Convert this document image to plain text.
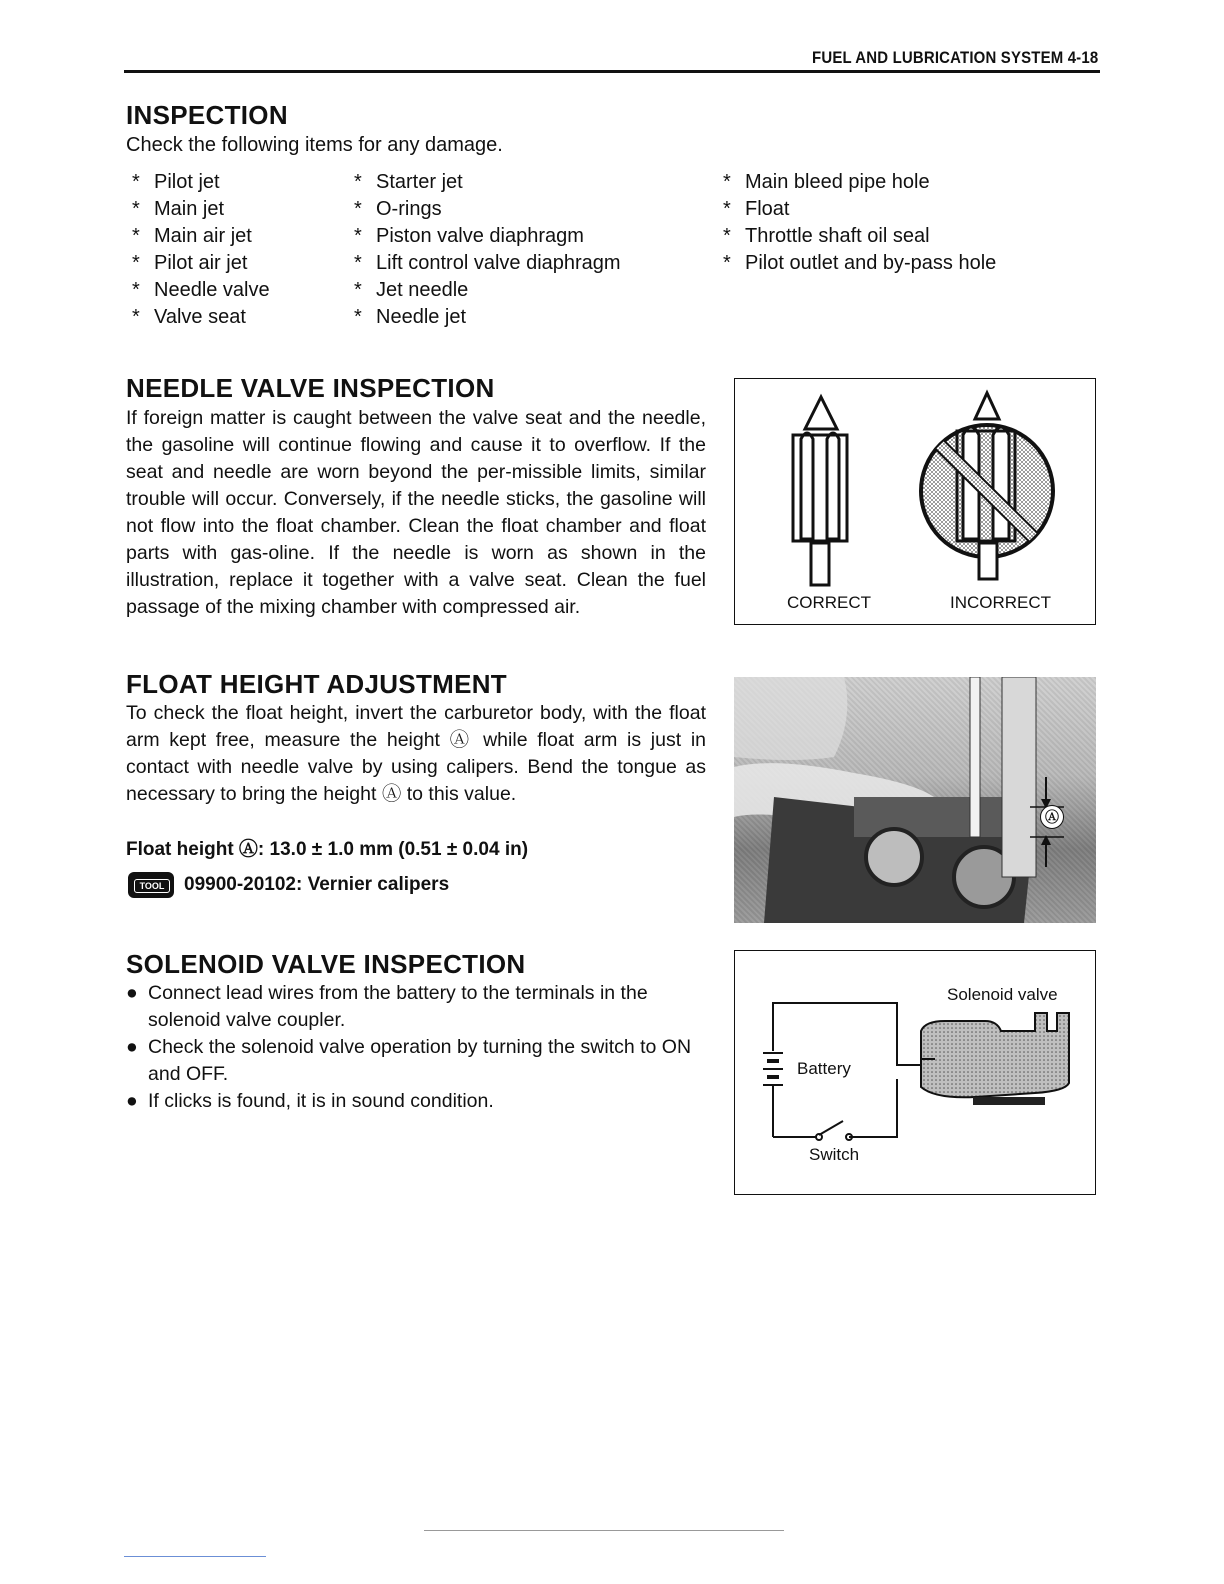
FUEL AND LUBRICATION SYSTEM 4-18
INSPECTION
Check the following items for any damage.
* Pilot jet
* Main jet
* Main air jet
* Pilot air jet
* Needle valve
* Valve seat
* Starter jet
* O-rings
* Piston valve diaphragm
* Lift control valve diaphragm
* Jet needle
* Needle jet
* Main bleed pipe hole
* Float
* Throttle shaft oil seal
* Pilot outlet and by-pass hole
NEEDLE VALVE INSPECTION
If foreign matter is caught between the valve seat and the needle, the gasoline will continue flowing and cause it to overflow. If the seat and needle are worn beyond the per-missible limits, similar trouble will occur. Conversely, if the needle sticks, the gasoline will not flow into the float chamber. Clean the float chamber and float parts with gas-oline. If the needle is worn as shown in the illustration, replace it together with a valve seat. Clean the fuel passage of the mixing chamber with compressed air.	CORRECT	INCORRECT
FLOAT HEIGHT ADJUSTMENT
To check the float height, invert the carburetor body, with the float arm kept free, measure the height Ⓐ while float arm is just in contact with needle valve by using calipers. Bend the tongue as necessary to bring the height Ⓐ to this value.
Float height Ⓐ: 13.0 ± 1.0 mm (0.51 ± 0.04 in)
TOOL 09900-20102: Vernier calipers
Ⓐ
SOLENOID VALVE INSPECTION
● Connect lead wires from the battery to the terminals in the solenoid valve coupler.
● Check the solenoid valve operation by turning the switch to ON and OFF.
● If clicks is found, it is in sound condition.
Solenoid valve
Battery
Switch
